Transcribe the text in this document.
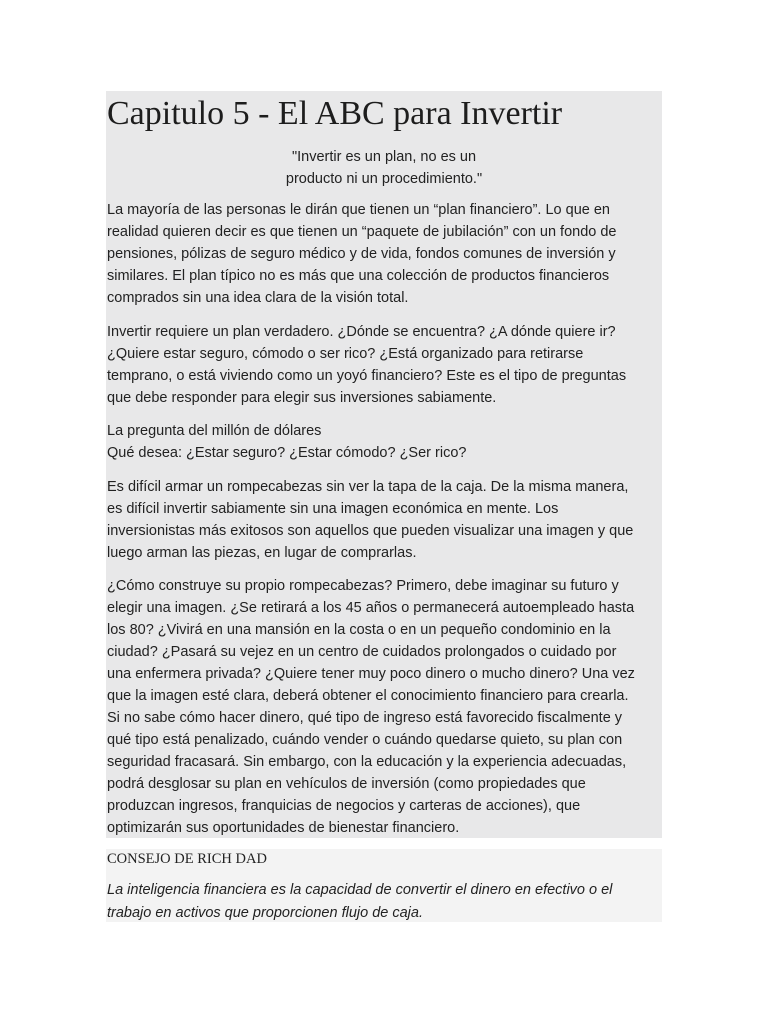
Capitulo 5 - El ABC para Invertir
"Invertir es un plan, no es un
producto ni un procedimiento."

La mayoría de las personas le dirán que tienen un “plan financiero”. Lo que en
realidad quieren decir es que tienen un “paquete de jubilación” con un fondo de
pensiones, pólizas de seguro médico y de vida, fondos comunes de inversión y
similares. El plan típico no es más que una colección de productos financieros
comprados sin una idea clara de la visión total.

Invertir requiere un plan verdadero. ¿Dónde se encuentra? ¿A dónde quiere ir?
¿Quiere estar seguro, cómodo o ser rico? ¿Está organizado para retirarse
temprano, o está viviendo como un yoyó financiero? Este es el tipo de preguntas
que debe responder para elegir sus inversiones sabiamente.

La pregunta del millón de dólares
Qué desea: ¿Estar seguro? ¿Estar cómodo? ¿Ser rico?

Es difícil armar un rompecabezas sin ver la tapa de la caja. De la misma manera,
es difícil invertir sabiamente sin una imagen económica en mente. Los
inversionistas más exitosos son aquellos que pueden visualizar una imagen y que
luego arman las piezas, en lugar de comprarlas.

¿Cómo construye su propio rompecabezas? Primero, debe imaginar su futuro y
elegir una imagen. ¿Se retirará a los 45 años o permanecerá autoempleado hasta
los 80? ¿Vivirá en una mansión en la costa o en un pequeño condominio en la
ciudad? ¿Pasará su vejez en un centro de cuidados prolongados o cuidado por
una enfermera privada? ¿Quiere tener muy poco dinero o mucho dinero? Una vez
que la imagen esté clara, deberá obtener el conocimiento financiero para crearla.
Si no sabe cómo hacer dinero, qué tipo de ingreso está favorecido fiscalmente y
qué tipo está penalizado, cuándo vender o cuándo quedarse quieto, su plan con
seguridad fracasará. Sin embargo, con la educación y la experiencia adecuadas,
podrá desglosar su plan en vehículos de inversión (como propiedades que
produzcan ingresos, franquicias de negocios y carteras de acciones), que
optimizarán sus oportunidades de bienestar financiero.

CONSEJO DE RICH DAD

La inteligencia financiera es la capacidad de convertir el dinero en efectivo o el
trabajo en activos que proporcionen flujo de caja.
